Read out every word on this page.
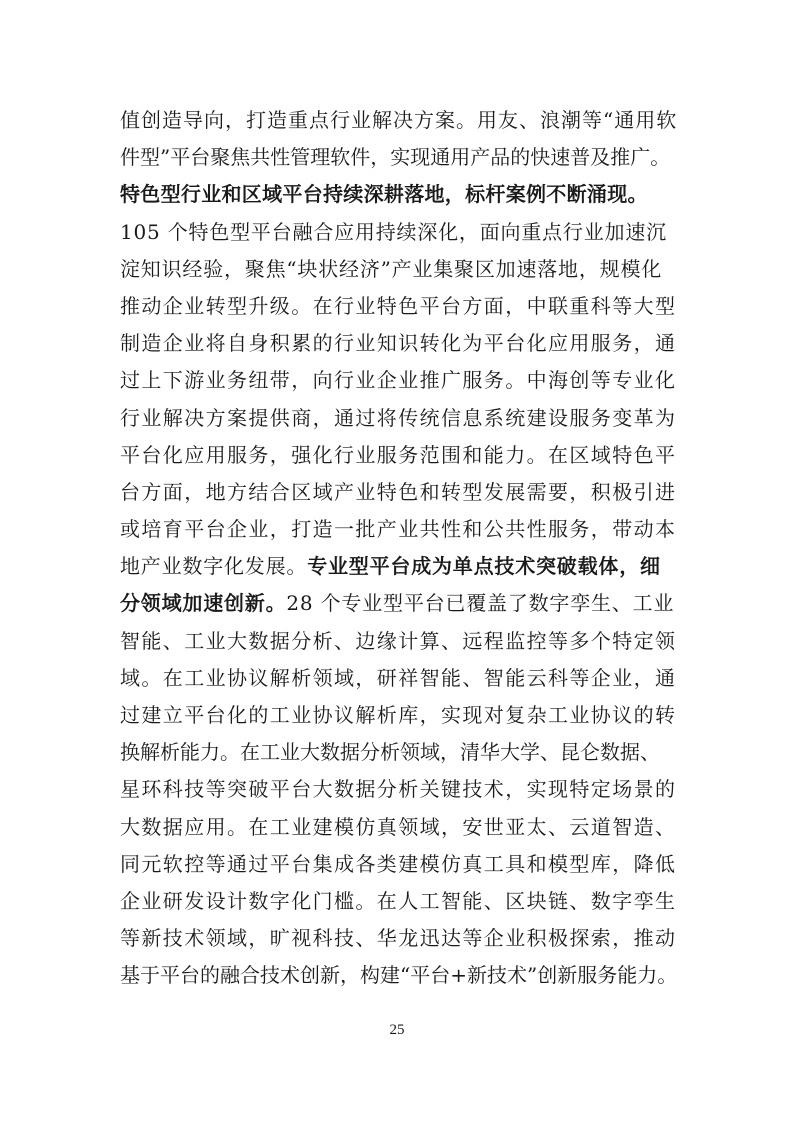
值创造导向，打造重点行业解决方案。用友、浪潮等“通用软
件型”平台聚焦共性管理软件，实现通用产品的快速普及推广。
特色型行业和区域平台持续深耕落地，标杆案例不断涌现。
105 个特色型平台融合应用持续深化，面向重点行业加速沉
淀知识经验，聚焦“块状经济”产业集聚区加速落地，规模化
推动企业转型升级。在行业特色平台方面，中联重科等大型
制造企业将自身积累的行业知识转化为平台化应用服务，通
过上下游业务纽带，向行业企业推广服务。中海创等专业化
行业解决方案提供商，通过将传统信息系统建设服务变革为
平台化应用服务，强化行业服务范围和能力。在区域特色平
台方面，地方结合区域产业特色和转型发展需要，积极引进
或培育平台企业，打造一批产业共性和公共性服务，带动本
地产业数字化发展。专业型平台成为单点技术突破载体，细
分领域加速创新。28 个专业型平台已覆盖了数字孪生、工业
智能、工业大数据分析、边缘计算、远程监控等多个特定领
域。在工业协议解析领域，研祥智能、智能云科等企业，通
过建立平台化的工业协议解析库，实现对复杂工业协议的转
换解析能力。在工业大数据分析领域，清华大学、昆仑数据、
星环科技等突破平台大数据分析关键技术，实现特定场景的
大数据应用。在工业建模仿真领域，安世亚太、云道智造、
同元软控等通过平台集成各类建模仿真工具和模型库，降低
企业研发设计数字化门槛。在人工智能、区块链、数字孪生
等新技术领域，旷视科技、华龙迅达等企业积极探索，推动
基于平台的融合技术创新，构建“平台+新技术”创新服务能力。
25
